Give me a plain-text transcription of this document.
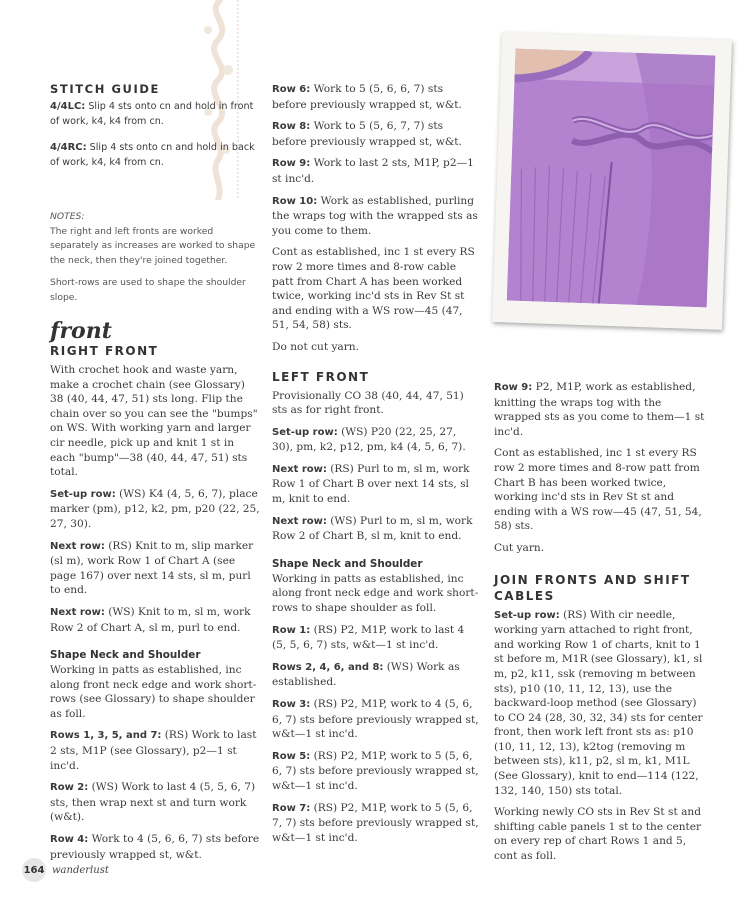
STITCH GUIDE

4/4LC: Slip 4 sts onto cn and hold in front of work, k4, k4 from cn.

4/4RC: Slip 4 sts onto cn and hold in back of work, k4, k4 from cn.

NOTES:

The right and left fronts are worked separately as increases are worked to shape the neck, then they're joined together.

Short-rows are used to shape the shoulder slope.

front
RIGHT FRONT

With crochet hook and waste yarn, make a crochet chain (see Glossary) 38 (40, 44, 47, 51) sts long. Flip the chain over so you can see the "bumps" on WS. With working yarn and larger cir needle, pick up and knit 1 st in each "bump"—38 (40, 44, 47, 51) sts total.

Set-up row: (WS) K4 (4, 5, 6, 7), place marker (pm), p12, k2, pm, p20 (22, 25, 27, 30).

Next row: (RS) Knit to m, slip marker (sl m), work Row 1 of Chart A (see page 167) over next 14 sts, sl m, purl to end.

Next row: (WS) Knit to m, sl m, work Row 2 of Chart A, sl m, purl to end.

Shape Neck and Shoulder

Working in patts as established, inc along front neck edge and work short-rows (see Glossary) to shape shoulder as foll.

Rows 1, 3, 5, and 7: (RS) Work to last 2 sts, M1P (see Glossary), p2—1 st inc'd.

Row 2: (WS) Work to last 4 (5, 5, 6, 7) sts, then wrap next st and turn work (w&t).

Row 4: Work to 4 (5, 6, 6, 7) sts before previously wrapped st, w&t.

Row 6: Work to 5 (5, 6, 6, 7) sts before previously wrapped st, w&t.

Row 8: Work to 5 (5, 6, 7, 7) sts before previously wrapped st, w&t.

Row 9: Work to last 2 sts, M1P, p2—1 st inc'd.

Row 10: Work as established, purling the wraps tog with the wrapped sts as you come to them.

Cont as established, inc 1 st every RS row 2 more times and 8-row cable patt from Chart A has been worked twice, working inc'd sts in Rev St st and ending with a WS row—45 (47, 51, 54, 58) sts.

Do not cut yarn.

LEFT FRONT

Provisionally CO 38 (40, 44, 47, 51) sts as for right front.

Set-up row: (WS) P20 (22, 25, 27, 30), pm, k2, p12, pm, k4 (4, 5, 6, 7).

Next row: (RS) Purl to m, sl m, work Row 1 of Chart B over next 14 sts, sl m, knit to end.

Next row: (WS) Purl to m, sl m, work Row 2 of Chart B, sl m, knit to end.

Shape Neck and Shoulder

Working in patts as established, inc along front neck edge and work short-rows to shape shoulder as foll.

Row 1: (RS) P2, M1P, work to last 4 (5, 5, 6, 7) sts, w&t—1 st inc'd.

Rows 2, 4, 6, and 8: (WS) Work as established.

Row 3: (RS) P2, M1P, work to 4 (5, 6, 6, 7) sts before previously wrapped st, w&t—1 st inc'd.

Row 5: (RS) P2, M1P, work to 5 (5, 6, 6, 7) sts before previously wrapped st, w&t—1 st inc'd.

Row 7: (RS) P2, M1P, work to 5 (5, 6, 7, 7) sts before previously wrapped st, w&t—1 st inc'd.

Row 9: P2, M1P, work as established, knitting the wraps tog with the wrapped sts as you come to them—1 st inc'd.

Cont as established, inc 1 st every RS row 2 more times and 8-row patt from Chart B has been worked twice, working inc'd sts in Rev St st and ending with a WS row—45 (47, 51, 54, 58) sts.

Cut yarn.

JOIN FRONTS AND SHIFT CABLES

Set-up row: (RS) With cir needle, working yarn attached to right front, and working Row 1 of charts, knit to 1 st before m, M1R (see Glossary), k1, sl m, p2, k11, ssk (removing m between sts), p10 (10, 11, 12, 13), use the backward-loop method (see Glossary) to CO 24 (28, 30, 32, 34) sts for center front, then work left front sts as: p10 (10, 11, 12, 13), k2tog (removing m between sts), k11, p2, sl m, k1, M1L (See Glossary), knit to end—114 (122, 132, 140, 150) sts total.

Working newly CO sts in Rev St st and shifting cable panels 1 st to the center on every rep of chart Rows 1 and 5, cont as foll.

164 wanderlust
